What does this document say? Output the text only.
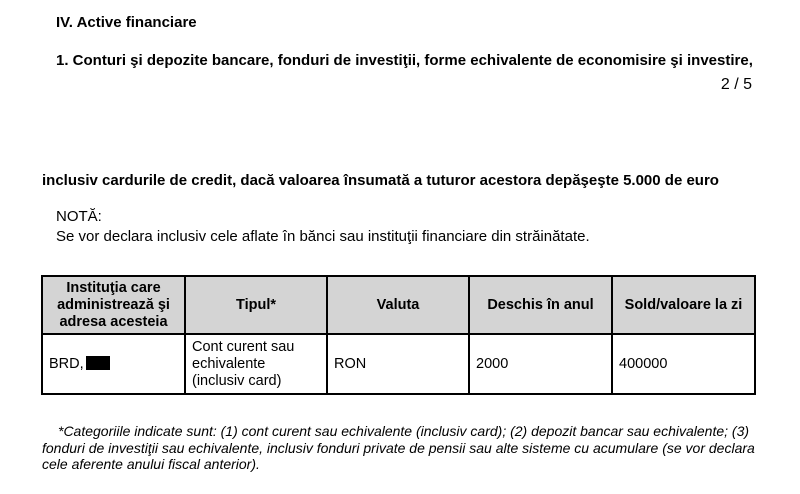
IV. Active financiare
1. Conturi şi depozite bancare, fonduri de investiţii, forme echivalente de economisire şi investire,
2 / 5
inclusiv cardurile de credit, dacă valoarea însumată a tuturor acestora depăşeşte 5.000 de euro
NOTĂ:
Se vor declara inclusiv cele aflate în bănci sau instituţii financiare din străinătate.
Instituţia care administrează şi adresa acesteia	Tipul*	Valuta	Deschis în anul	Sold/valoare la zi
BRD,	Cont curent sau echivalente (inclusiv card)	RON	2000	400000
*Categoriile indicate sunt: (1) cont curent sau echivalente (inclusiv card); (2) depozit bancar sau echivalente; (3) fonduri de investiţii sau echivalente, inclusiv fonduri private de pensii sau alte sisteme cu acumulare (se vor declara cele aferente anului fiscal anterior).
